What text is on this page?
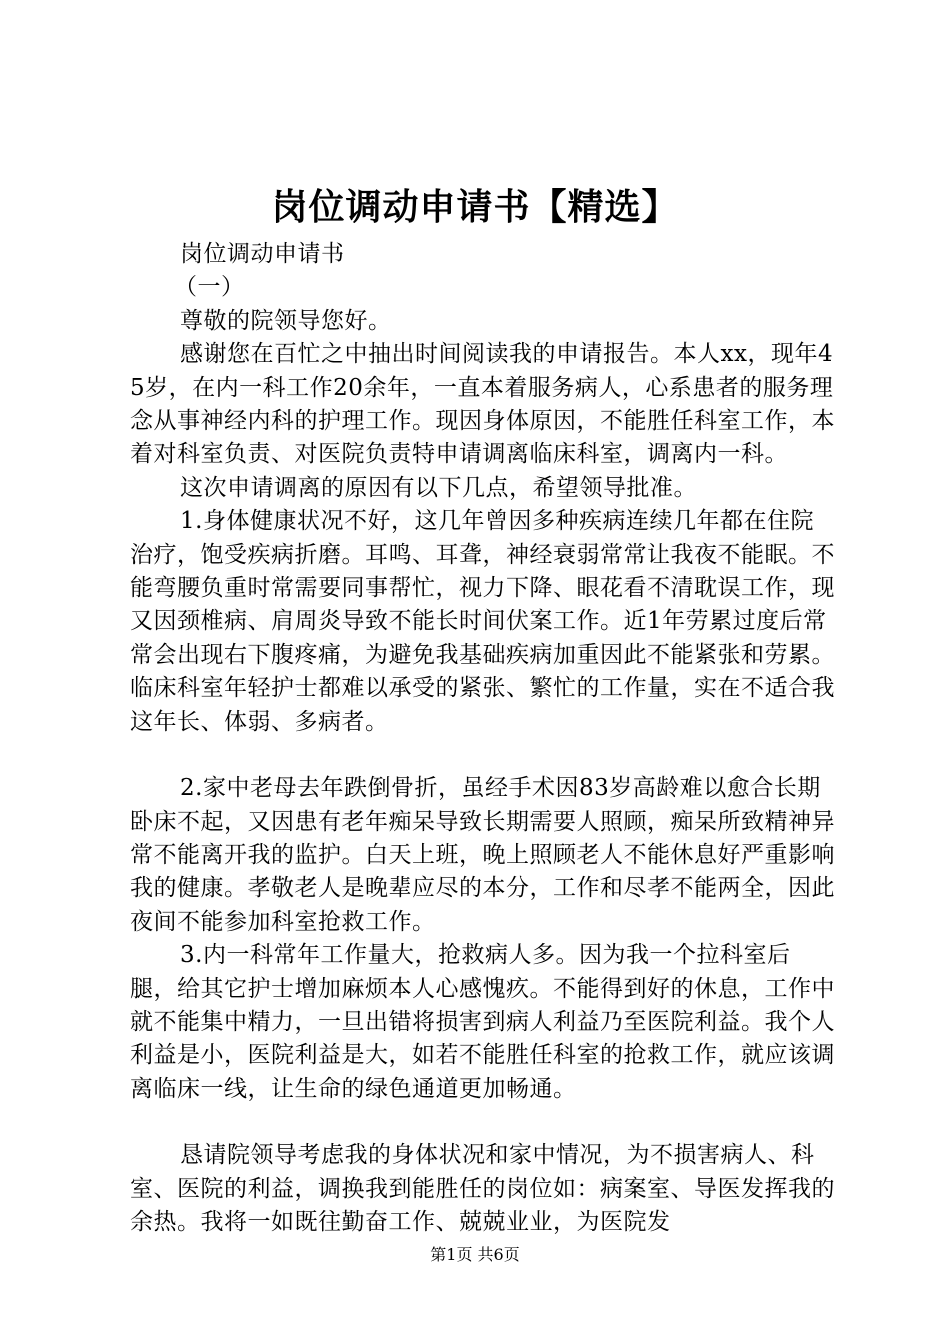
岗位调动申请书【精选】

岗位调动申请书

（一）

尊敬的院领导您好。

感谢您在百忙之中抽出时间阅读我的申请报告。本人xx，现年45岁，在内一科工作20余年，一直本着服务病人，心系患者的服务理念从事神经内科的护理工作。现因身体原因，不能胜任科室工作，本着对科室负责、对医院负责特申请调离临床科室，调离内一科。

这次申请调离的原因有以下几点，希望领导批准。

1.身体健康状况不好，这几年曾因多种疾病连续几年都在住院治疗，饱受疾病折磨。耳鸣、耳聋，神经衰弱常常让我夜不能眠。不能弯腰负重时常需要同事帮忙，视力下降、眼花看不清耽误工作，现又因颈椎病、肩周炎导致不能长时间伏案工作。近1年劳累过度后常常会出现右下腹疼痛，为避免我基础疾病加重因此不能紧张和劳累。临床科室年轻护士都难以承受的紧张、繁忙的工作量，实在不适合我这年长、体弱、多病者。

2.家中老母去年跌倒骨折，虽经手术因83岁高龄难以愈合长期卧床不起，又因患有老年痴呆导致长期需要人照顾，痴呆所致精神异常不能离开我的监护。白天上班，晚上照顾老人不能休息好严重影响我的健康。孝敬老人是晚辈应尽的本分，工作和尽孝不能两全，因此夜间不能参加科室抢救工作。

3.内一科常年工作量大，抢救病人多。因为我一个拉科室后腿，给其它护士增加麻烦本人心感愧疚。不能得到好的休息，工作中就不能集中精力，一旦出错将损害到病人利益乃至医院利益。我个人利益是小，医院利益是大，如若不能胜任科室的抢救工作，就应该调离临床一线，让生命的绿色通道更加畅通。

恳请院领导考虑我的身体状况和家中情况，为不损害病人、科室、医院的利益，调换我到能胜任的岗位如：病案室、导医发挥我的余热。我将一如既往勤奋工作、兢兢业业，为医院发

第1页 共6页
